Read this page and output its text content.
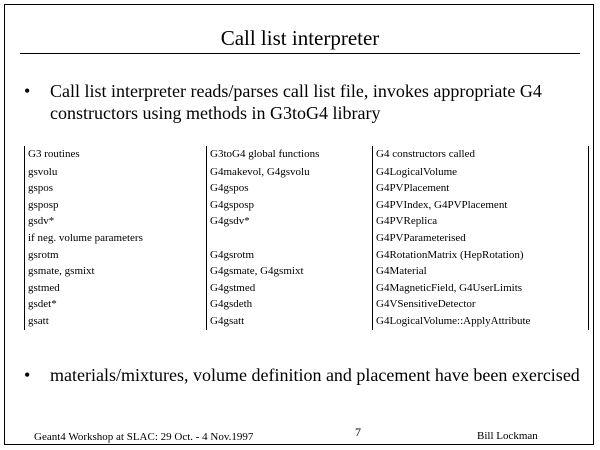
Call list interpreter
• Call list interpreter reads/parses call list file, invokes appropriate G4 constructors using methods in G3toG4 library
G3 routines	G3toG4 global functions	G4 constructors called
gsvolu	G4makevol, G4gsvolu	G4LogicalVolume
gspos	G4gspos	G4PVPlacement
gsposp	G4gsposp	G4PVIndex, G4PVPlacement
gsdv*	G4gsdv*	G4PVReplica
if neg. volume parameters		G4PVParameterised
gsrotm	G4gsrotm	G4RotationMatrix (HepRotation)
gsmate, gsmixt	G4gsmate, G4gsmixt	G4Material
gstmed	G4gstmed	G4MagneticField, G4UserLimits
gsdet*	G4gsdeth	G4VSensitiveDetector
gsatt	G4gsatt	G4LogicalVolume::ApplyAttribute
• materials/mixtures, volume definition and placement have been exercised
Geant4 Workshop at SLAC: 29 Oct. - 4 Nov.1997	7	Bill Lockman
